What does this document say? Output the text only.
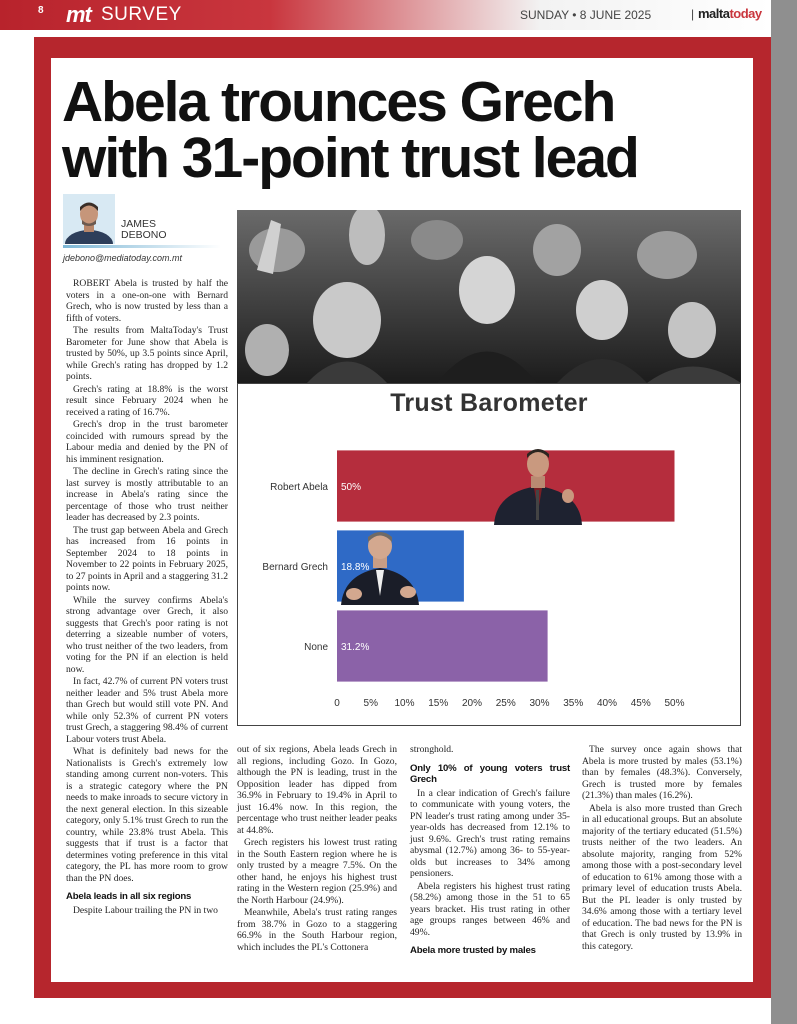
8 mt SURVEY	SUNDAY • 8 JUNE 2025	| maltatoday
Abela trounces Grech
with 31-point trust lead
JAMES
DEBONO
jdebono@mediatoday.com.mt

ROBERT Abela is trusted by half the voters in a one-on-one with Bernard Grech, who is now trusted by less than a fifth of voters.

The results from MaltaToday's Trust Barometer for June show that Abela is trusted by 50%, up 3.5 points since April, while Grech's rating has dropped by 1.2 points.

Grech's rating at 18.8% is the worst result since February 2024 when he received a rating of 16.7%.

Grech's drop in the trust barometer coincided with rumours spread by the Labour media and denied by the PN of his imminent resignation.

The decline in Grech's rating since the last survey is mostly attributable to an increase in Abela's rating since the percentage of those who trust neither leader has decreased by 2.3 points.

The trust gap between Abela and Grech has increased from 16 points in September 2024 to 18 points in November to 22 points in February 2025, to 27 points in April and a staggering 31.2 points now.

While the survey confirms Abela's strong advantage over Grech, it also suggests that Grech's poor rating is not deterring a sizeable number of voters, who trust neither of the two leaders, from voting for the PN if an election is held now.

In fact, 42.7% of current PN voters trust neither leader and 5% trust Abela more than Grech but would still vote PN. And while only 52.3% of current PN voters trust Grech, a staggering 98.4% of current Labour voters trust Abela.

What is definitely bad news for the Nationalists is Grech's extremely low standing among current non-voters. This is a strategic category where the PN needs to make inroads to secure victory in the next general election. In this sizeable category, only 5.1% trust Grech to run the country, while 23.8% trust Abela. This suggests that if trust is a factor that determines voting preference in this vital category, the PL has more room to grow than the PN does.

Abela leads in all six regions

Despite Labour trailing the PN in two

Trust Barometer
Robert Abela 50%
Bernard Grech 18.8%
None 31.2%
0 5% 10% 15% 20% 25% 30% 35% 40% 45% 50%

out of six regions, Abela leads Grech in all regions, including Gozo. In Gozo, although the PN is leading, trust in the Opposition leader has dipped from 36.9% in February to 19.4% in April to just 16.4% now. In this region, the percentage who trust neither leader peaks at 44.8%.

Grech registers his lowest trust rating in the South Eastern region where he is only trusted by a meagre 7.5%. On the other hand, he enjoys his highest trust rating in the Western region (25.9%) and the North Harbour (24.9%).

Meanwhile, Abela's trust rating ranges from 38.7% in Gozo to a staggering 66.9% in the South Harbour region, which includes the PL's Cottonera

stronghold.

Only 10% of young voters trust Grech

In a clear indication of Grech's failure to communicate with young voters, the PN leader's trust rating among under 35-year-olds has decreased from 12.1% to just 9.6%. Grech's trust rating remains abysmal (12.7%) among 36- to 55-year-olds but increases to 34% among pensioners.

Abela registers his highest trust rating (58.2%) among those in the 51 to 65 years bracket. His trust rating in other age groups ranges between 46% and 49%.

Abela more trusted by males

The survey once again shows that Abela is more trusted by males (53.1%) than by females (48.3%). Conversely, Grech is trusted more by females (21.3%) than males (16.2%).

Abela is also more trusted than Grech in all educational groups. But an absolute majority of the tertiary educated (51.5%) trusts neither of the two leaders. An absolute majority, ranging from 52% among those with a post-secondary level of education to 61% among those with a primary level of education trusts Abela. But the PL leader is only trusted by 34.6% among those with a tertiary level of education. The bad news for the PN is that Grech is only trusted by 13.9% in this category.
